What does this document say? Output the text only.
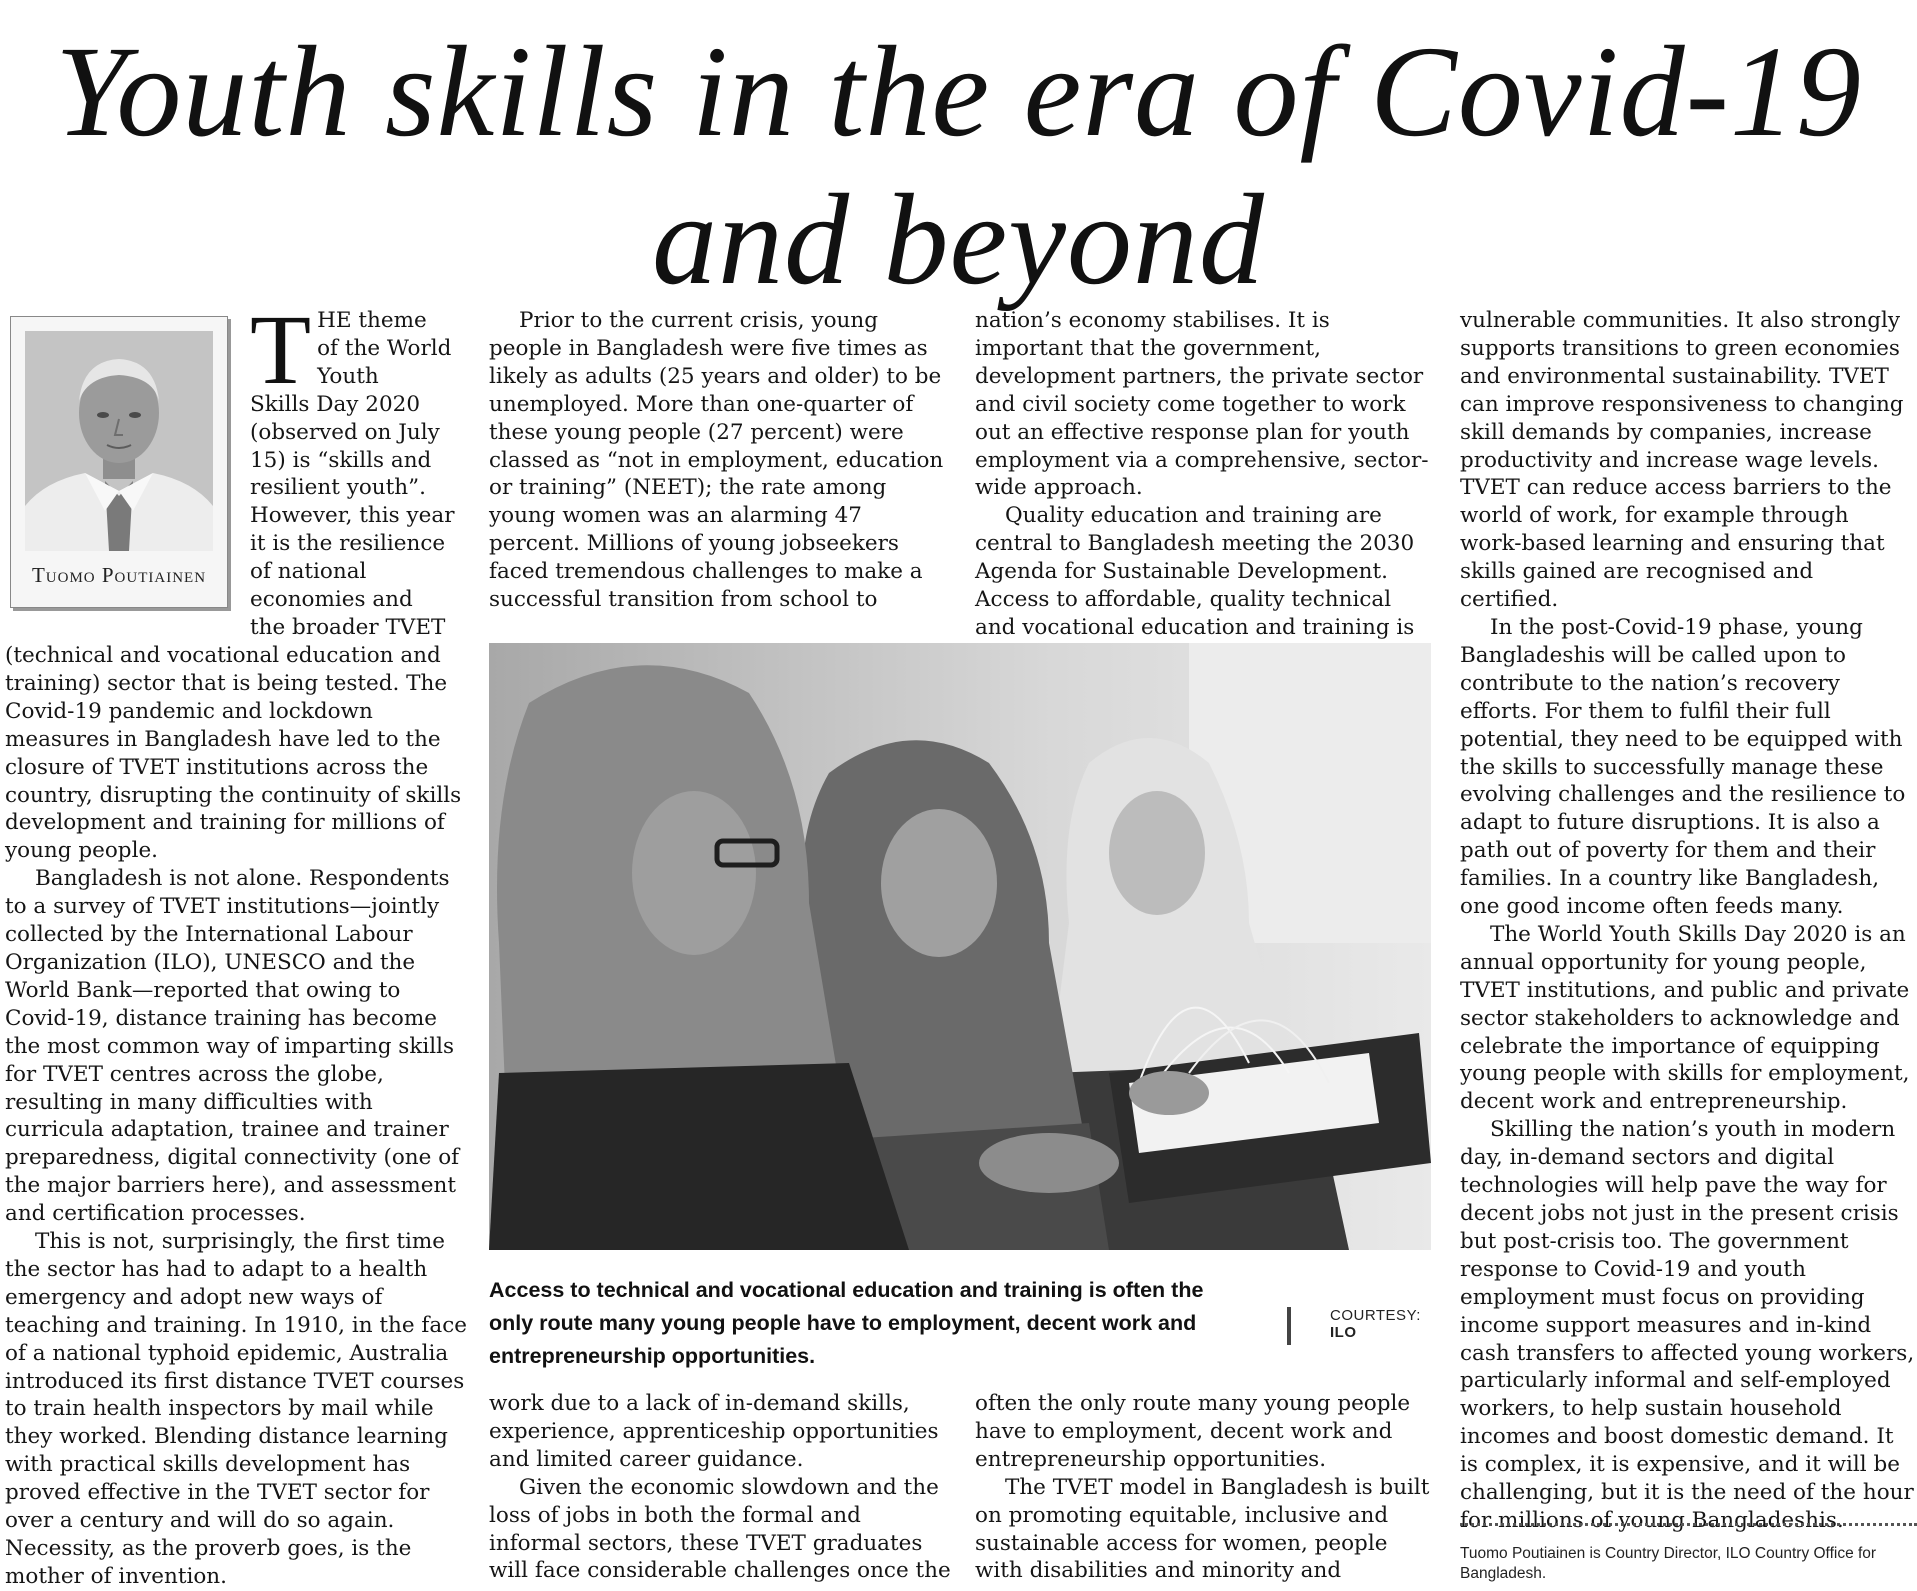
Youth skills in the era of Covid-19
and beyond
Tuomo Poutiainen
T HE theme
of the World
Youth
Skills Day 2020
(observed on July
15) is “skills and
resilient youth”.
However, this year
it is the resilience
of national
economies and
the broader TVET

(technical and vocational education and training) sector that is being tested. The Covid-19 pandemic and lockdown measures in Bangladesh have led to the closure of TVET institutions across the country, disrupting the continuity of skills development and training for millions of young people.

Bangladesh is not alone. Respondents to a survey of TVET institutions—jointly collected by the International Labour Organization (ILO), UNESCO and the World Bank—reported that owing to Covid-19, distance training has become the most common way of imparting skills for TVET centres across the globe, resulting in many difficulties with curricula adaptation, trainee and trainer preparedness, digital connectivity (one of the major barriers here), and assessment and certification processes.

This is not, surprisingly, the first time the sector has had to adapt to a health emergency and adopt new ways of teaching and training. In 1910, in the face of a national typhoid epidemic, Australia introduced its first distance TVET courses to train health inspectors by mail while they worked. Blending distance learning with practical skills development has proved effective in the TVET sector for over a century and will do so again. Necessity, as the proverb goes, is the mother of invention.

Prior to the current crisis, young people in Bangladesh were five times as likely as adults (25 years and older) to be unemployed. More than one-quarter of these young people (27 percent) were classed as “not in employment, education or training” (NEET); the rate among young women was an alarming 47 percent. Millions of young jobseekers faced tremendous challenges to make a successful transition from school to

nation’s economy stabilises. It is important that the government, development partners, the private sector and civil society come together to work out an effective response plan for youth employment via a comprehensive, sector-wide approach.

Quality education and training are central to Bangladesh meeting the 2030 Agenda for Sustainable Development. Access to affordable, quality technical and vocational education and training is

Access to technical and vocational education and training is often the only route many young people have to employment, decent work and entrepreneurship opportunities.
COURTESY:
ILO

work due to a lack of in-demand skills, experience, apprenticeship opportunities and limited career guidance.

Given the economic slowdown and the loss of jobs in both the formal and informal sectors, these TVET graduates will face considerable challenges once the

often the only route many young people have to employment, decent work and entrepreneurship opportunities.

The TVET model in Bangladesh is built on promoting equitable, inclusive and sustainable access for women, people with disabilities and minority and

vulnerable communities. It also strongly supports transitions to green economies and environmental sustainability. TVET can improve responsiveness to changing skill demands by companies, increase productivity and increase wage levels. TVET can reduce access barriers to the world of work, for example through work-based learning and ensuring that skills gained are recognised and certified.

In the post-Covid-19 phase, young Bangladeshis will be called upon to contribute to the nation’s recovery efforts. For them to fulfil their full potential, they need to be equipped with the skills to successfully manage these evolving challenges and the resilience to adapt to future disruptions. It is also a path out of poverty for them and their families. In a country like Bangladesh, one good income often feeds many.

The World Youth Skills Day 2020 is an annual opportunity for young people, TVET institutions, and public and private sector stakeholders to acknowledge and celebrate the importance of equipping young people with skills for employment, decent work and entrepreneurship.

Skilling the nation’s youth in modern day, in-demand sectors and digital technologies will help pave the way for decent jobs not just in the present crisis but post-crisis too. The government response to Covid-19 and youth employment must focus on providing income support measures and in-kind cash transfers to affected young workers, particularly informal and self-employed workers, to help sustain household incomes and boost domestic demand. It is complex, it is expensive, and it will be challenging, but it is the need of the hour for millions of young Bangladeshis.

Tuomo Poutiainen is Country Director, ILO Country Office for Bangladesh.
